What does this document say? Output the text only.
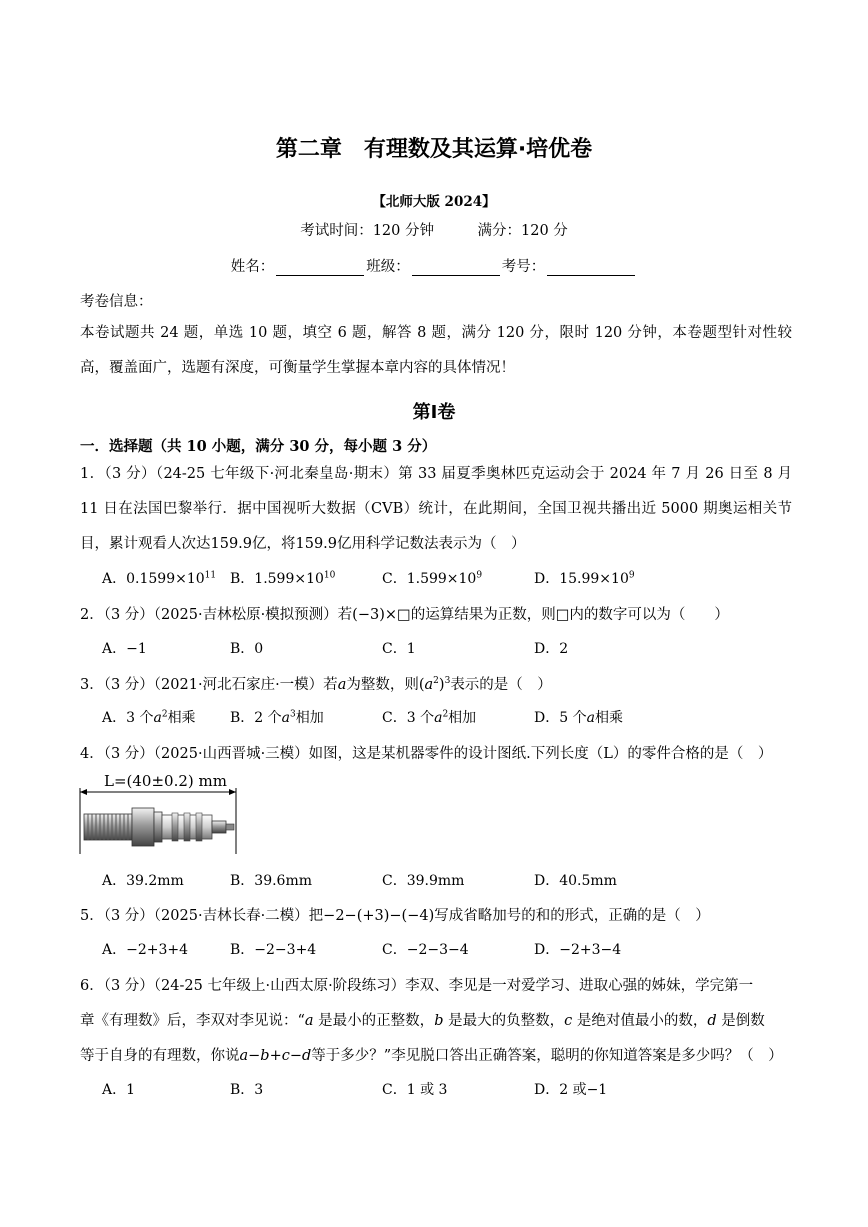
第二章　有理数及其运算·培优卷
【北师大版 2024】
考试时间：120 分钟　　　满分：120 分
姓名：	班级：	考号：
考卷信息：
本卷试题共 24 题，单选 10 题，填空 6 题，解答 8 题，满分 120 分，限时 120 分钟，本卷题型针对性较高，覆盖面广，选题有深度，可衡量学生掌握本章内容的具体情况！
第Ⅰ卷
一．选择题（共 10 小题，满分 30 分，每小题 3 分）
1．（3 分）（24-25 七年级下·河北秦皇岛·期末）第 33 届夏季奥林匹克运动会于 2024 年 7 月 26 日至 8 月 11 日在法国巴黎举行．据中国视听大数据（CVB）统计，在此期间，全国卫视共播出近 5000 期奥运相关节目，累计观看人次达159.9亿，将159.9亿用科学记数法表示为（　）
A．$0.1599\times 10^{11}$ B．$1.599\times 10^{10}$	C．$1.599\times 10^9$	D．$15.99\times 10^9$
2．（3 分）（2025·吉林松原·模拟预测）若(−3)×□的运算结果为正数，则□内的数字可以为（　　）
A．−1	B．0	C．1	D．2
3．（3 分）（2021·河北石家庄·一模）若a为整数，则$(a^2)^3$表示的是（　）
A．3 个$a^2$相乘 B．2 个$a^3$相加	C．3 个$a^2$相加	D．5 个a相乘
4．（3 分）（2025·山西晋城·三模）如图，这是某机器零件的设计图纸.下列长度（L）的零件合格的是（　）
L=(40±0.2) mm
A．39.2mm	B．39.6mm	C．39.9mm	D．40.5mm
5．（3 分）（2025·吉林长春·二模）把−2−(+3)−(−4)写成省略加号的和的形式，正确的是（　）
A．−2+3+4	B．−2−3+4	C．−2−3−4	D．−2+3−4
6．（3 分）（24-25 七年级上·山西太原·阶段练习）李双、李见是一对爱学习、进取心强的姊妹，学完第一
章《有理数》后，李双对李见说：“a 是最小的正整数，b 是最大的负整数，c 是绝对值最小的数，d 是倒数
等于自身的有理数，你说a−b+c−d等于多少？”李见脱口答出正确答案，聪明的你知道答案是多少吗？（　）
A．1	B．3	C．1 或 3	D．2 或−1
